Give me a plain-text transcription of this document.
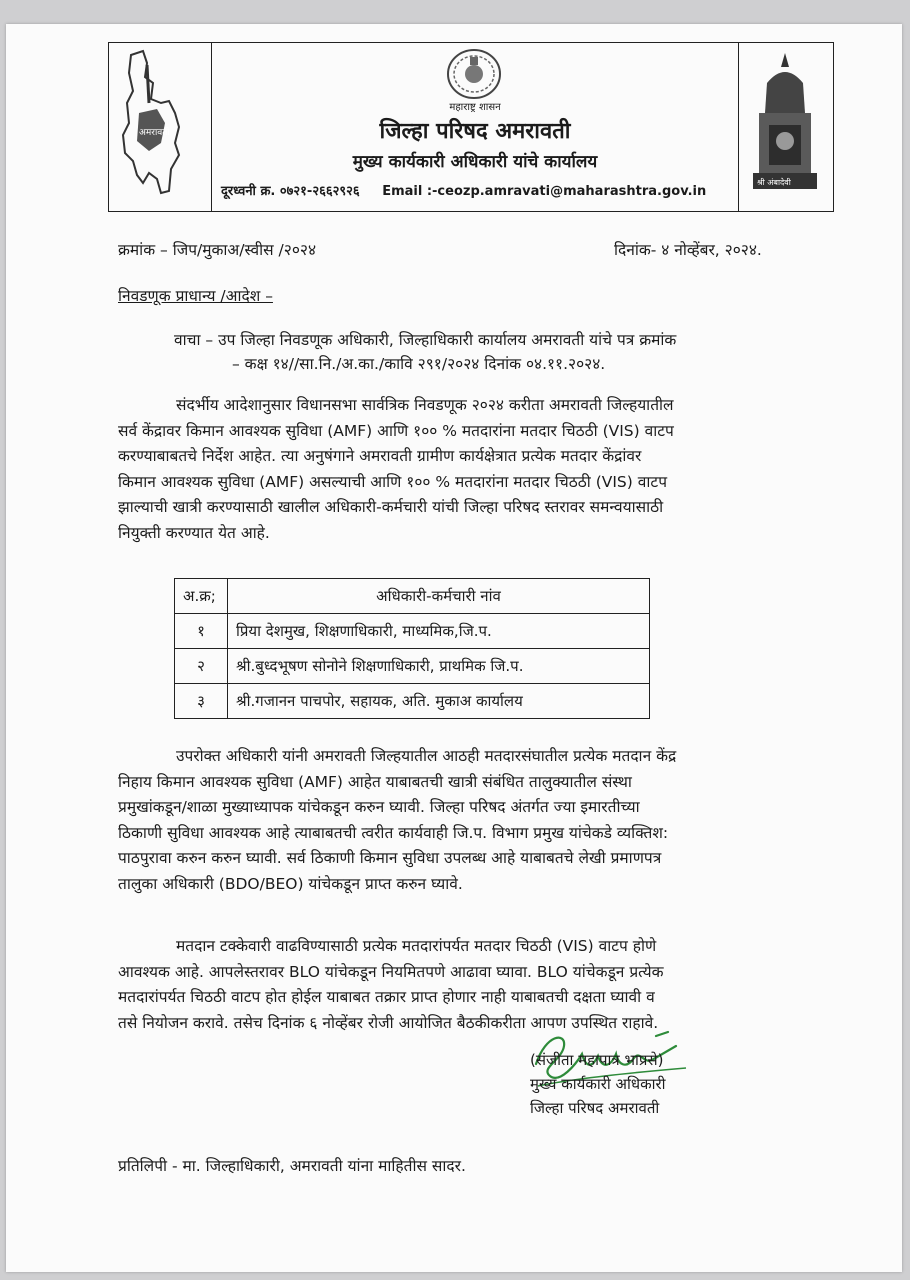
अमरावती
महाराष्ट्र शासन
जिल्हा परिषद अमरावती
मुख्य कार्यकारी अधिकारी यांचे कार्यालय
दूरध्वनी क्र. ०७२१-२६६२९२६ Email :-ceozp.amravati@maharashtra.gov.in
श्री अंबादेवी
क्रमांक – जिप/मुकाअ/स्वीस /२०२४	दिनांक- ४ नोव्हेंबर, २०२४.
निवडणूक प्राधान्य /आदेश –
वाचा – उप जिल्हा निवडणूक अधिकारी, जिल्हाधिकारी कार्यालय अमरावती यांचे पत्र क्रमांक
– कक्ष १४//सा.नि./अ.का./कावि २९१/२०२४ दिनांक ०४.११.२०२४.

संदर्भीय आदेशानुसार विधानसभा सार्वत्रिक निवडणूक २०२४ करीता अमरावती जिल्हयातील

सर्व केंद्रावर किमान आवश्यक सुविधा (AMF) आणि १०० % मतदारांना मतदार चिठठी (VIS) वाटप

करण्याबाबतचे निर्देश आहेत. त्या अनुषंगाने अमरावती ग्रामीण कार्यक्षेत्रात प्रत्येक मतदार केंद्रांवर

किमान आवश्यक सुविधा (AMF) असल्याची आणि १०० % मतदारांना मतदार चिठठी (VIS) वाटप

झाल्याची खात्री करण्यासाठी खालील अधिकारी-कर्मचारी यांची जिल्हा परिषद स्तरावर समन्वयासाठी

नियुक्ती करण्यात येत आहे.

अ.क्र;	अधिकारी-कर्मचारी नांव
१	प्रिया देशमुख, शिक्षणाधिकारी, माध्यमिक,जि.प.
२	श्री.बुध्दभूषण सोनोने शिक्षणाधिकारी, प्राथमिक जि.प.
३	श्री.गजानन पाचपोर, सहायक, अति. मुकाअ कार्यालय

उपरोक्त अधिकारी यांनी अमरावती जिल्हयातील आठही मतदारसंघातील प्रत्येक मतदान केंद्र

निहाय किमान आवश्यक सुविधा (AMF) आहेत याबाबतची खात्री संबंधित तालुक्यातील संस्था

प्रमुखांकडून/शाळा मुख्याध्यापक यांचेकडून करुन घ्यावी. जिल्हा परिषद अंतर्गत ज्या इमारतीच्या

ठिकाणी सुविधा आवश्यक आहे त्याबाबतची त्वरीत कार्यवाही जि.प. विभाग प्रमुख यांचेकडे व्यक्तिश:

पाठपुरावा करुन करुन घ्यावी. सर्व ठिकाणी किमान सुविधा उपलब्ध आहे याबाबतचे लेखी प्रमाणपत्र

तालुका अधिकारी (BDO/BEO) यांचेकडून प्राप्त करुन घ्यावे.

मतदान टक्केवारी वाढविण्यासाठी प्रत्येक मतदारांपर्यत मतदार चिठठी (VIS) वाटप होणे

आवश्यक आहे. आपलेस्तरावर BLO यांचेकडून नियमितपणे आढावा घ्यावा. BLO यांचेकडून प्रत्येक

मतदारांपर्यत चिठठी वाटप होत होईल याबाबत तक्रार प्राप्त होणार नाही याबाबतची दक्षता घ्यावी व

तसे नियोजन करावे. तसेच दिनांक ६ नोव्हेंबर रोजी आयोजित बैठकीकरीता आपण उपस्थित राहावे.

(संजीता महापात्र भाप्रसे)
मुख्य कार्यकारी अधिकारी
जिल्हा परिषद अमरावती
प्रतिलिपी - मा. जिल्हाधिकारी, अमरावती यांना माहितीस सादर.
